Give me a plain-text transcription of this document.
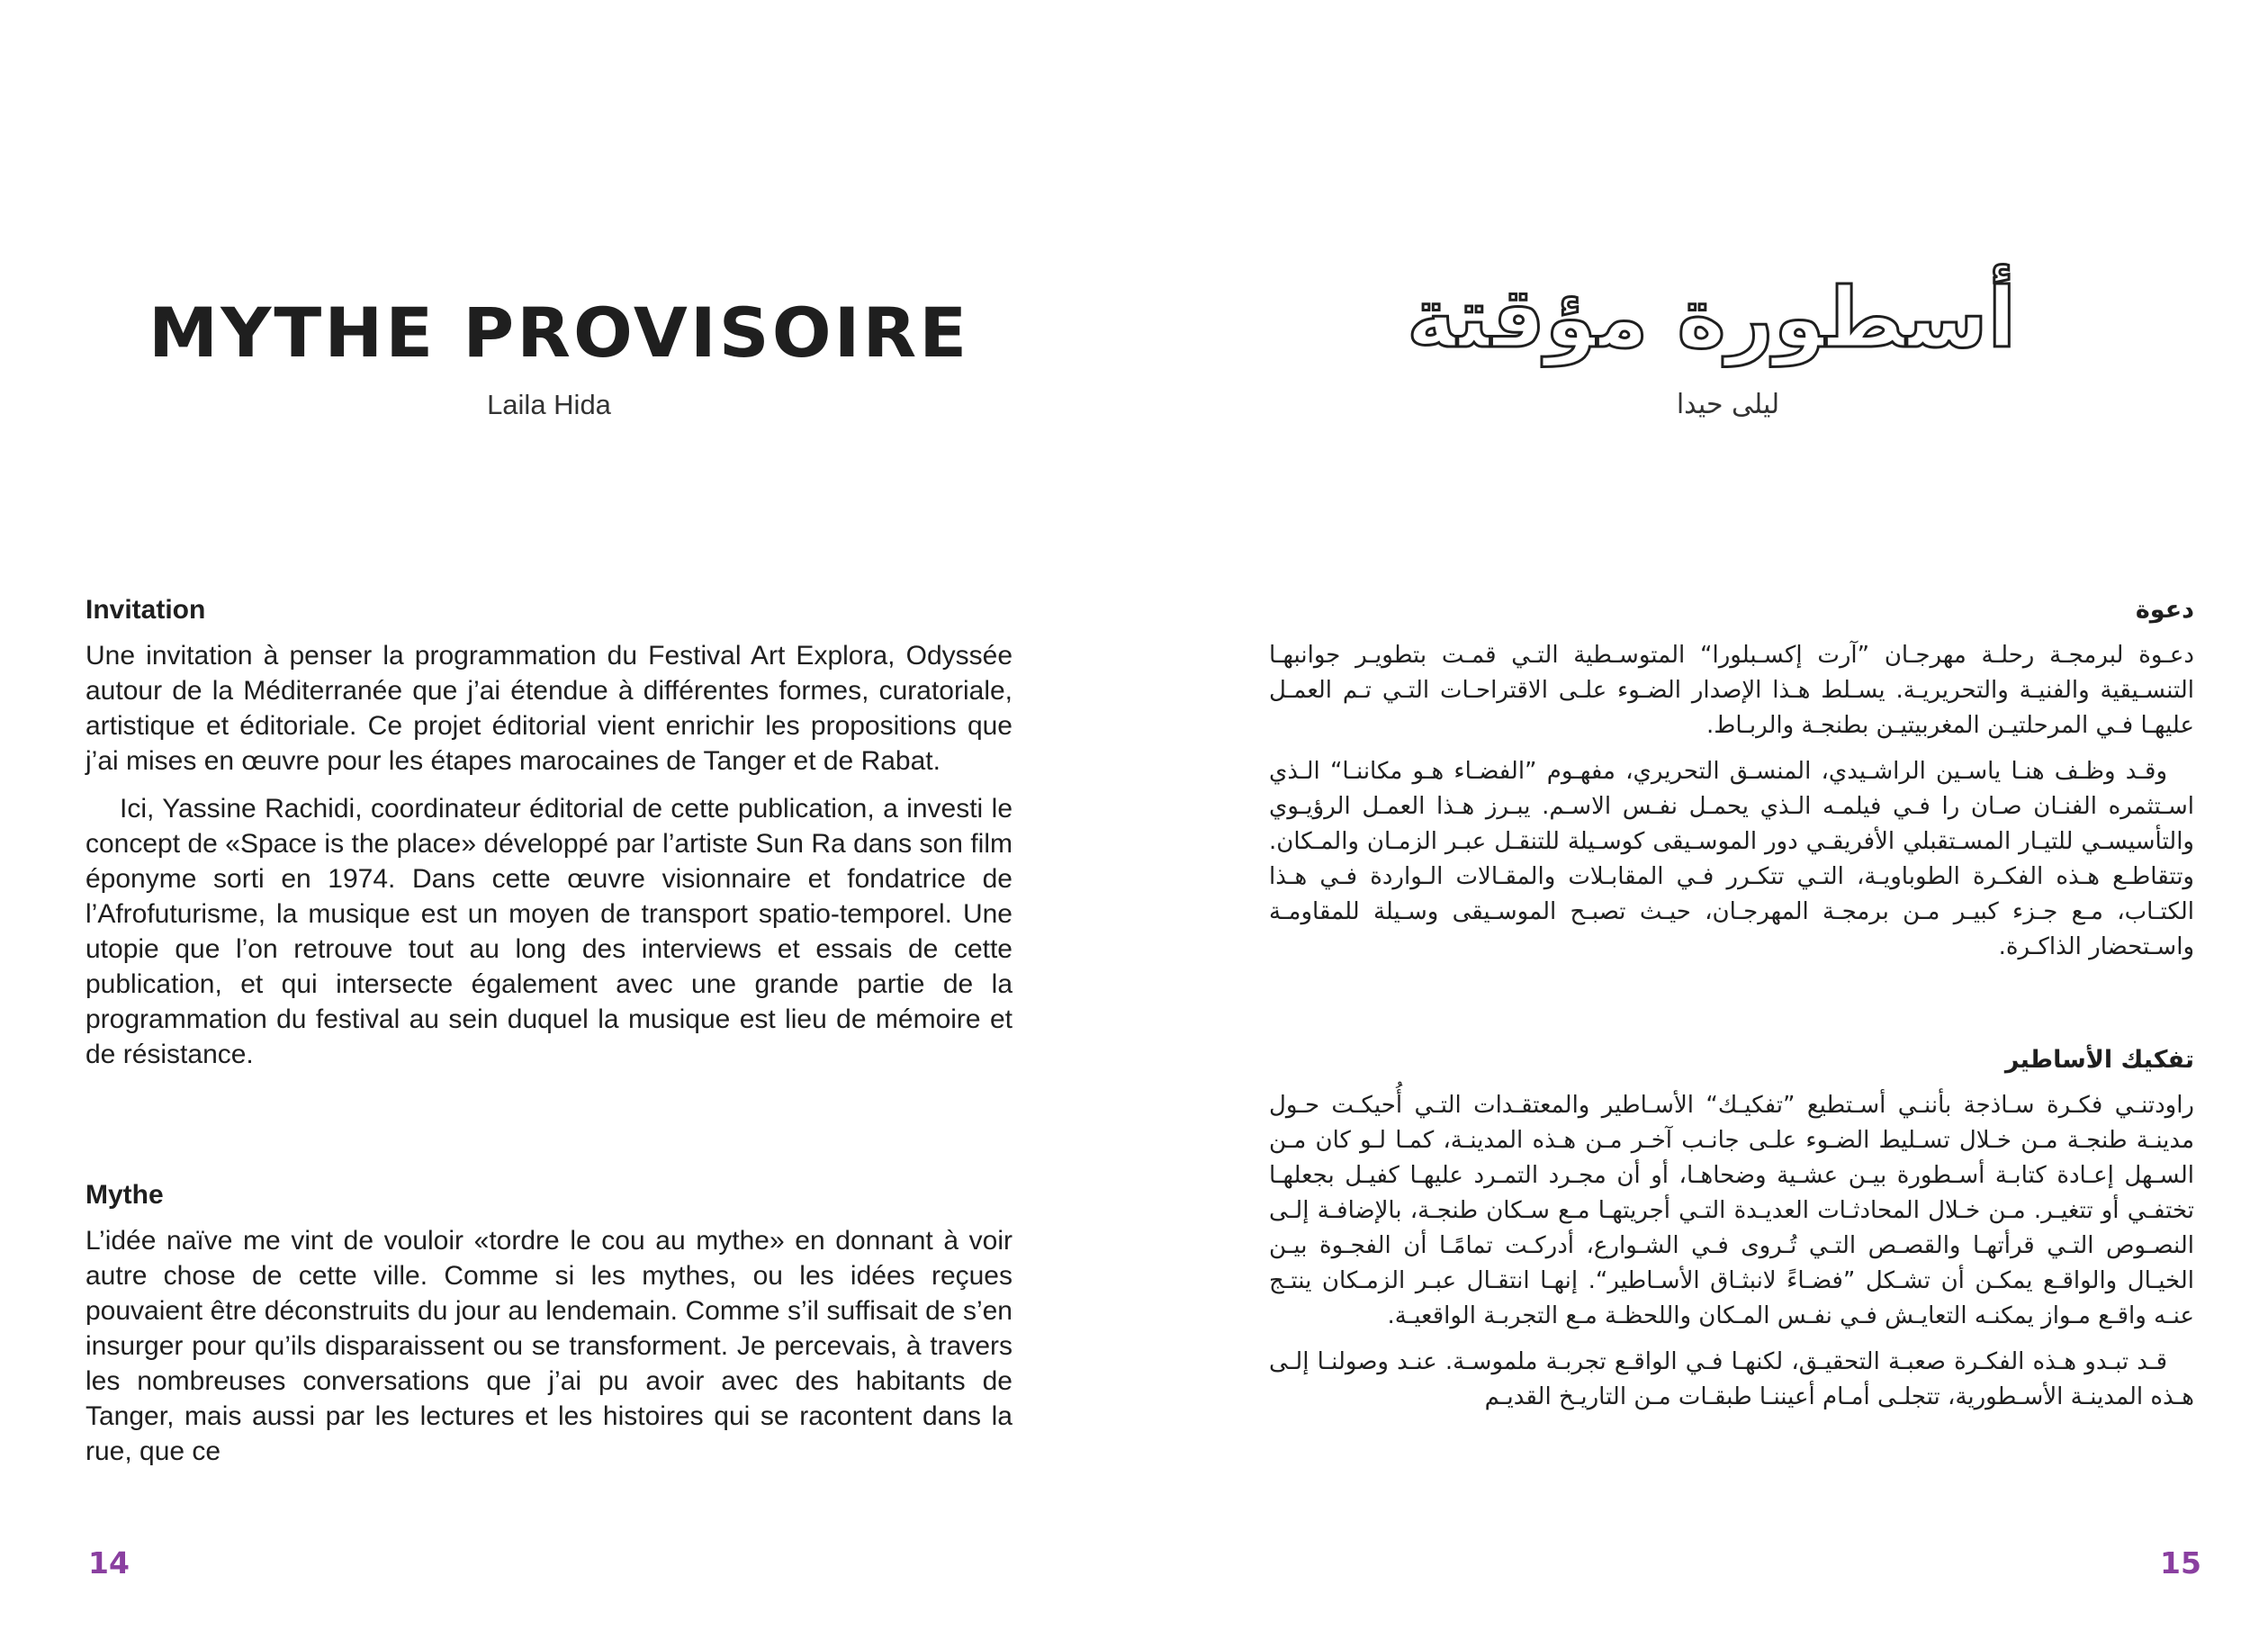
MYTHE PROVISOIRE

Laila Hida

Invitation

Une invitation à penser la programmation du Festival Art Explora, Odyssée autour de la Méditerranée que j’ai étendue à différentes formes, curatoriale, artistique et éditoriale. Ce projet éditorial vient enrichir les propositions que j’ai mises en œuvre pour les étapes marocaines de Tanger et de Rabat.

Ici, Yassine Rachidi, coordinateur éditorial de cette publication, a investi le concept de «Space is the place» développé par l’artiste Sun Ra dans son film éponyme sorti en 1974. Dans cette œuvre visionnaire et fondatrice de l’Afrofuturisme, la musique est un moyen de transport spatio-temporel. Une utopie que l’on retrouve tout au long des interviews et essais de cette publication, et qui intersecte également avec une grande partie de la programmation du festival au sein duquel la musique est lieu de mémoire et de résistance.

Mythe

L’idée naïve me vint de vouloir «tordre le cou au mythe» en donnant à voir autre chose de cette ville. Comme si les mythes, ou les idées reçues pouvaient être déconstruits du jour au lendemain. Comme s’il suffisait de s’en insurger pour qu’ils disparaissent ou se transforment. Je percevais, à travers les nombreuses conversations que j’ai pu avoir avec des habitants de Tanger, mais aussi par les lectures et les histoires qui se racontent dans la rue, que ce

14

أسطورة مؤقتة

ليلى حيدا

دعوة

دعـوة لبرمجـة رحلـة مهرجـان ”آرت إكسـبلورا“ المتوسـطية التـي قمـت بتطويـر جوانبهـا التنسـيقية والفنيـة والتحريريـة. يسـلط هـذا الإصدار الضـوء علـى الاقتراحـات التـي تـم العمـل عليهـا فـي المرحلتيـن المغربيتيـن بطنجـة والربـاط.

وقـد وظـف هنـا ياسـين الراشـيدي، المنسـق التحريري، مفهـوم ”الفضـاء هـو مكاننـا“ الـذي اسـتثمره الفنـان صـان را فـي فيلمـه الـذي يحمـل نفـس الاسـم. يبـرز هـذا العمـل الرؤيـوي والتأسيسـي للتيـار المسـتقبلي الأفريقـي دور الموسـيقى كوسـيلة للتنقـل عبـر الزمـان والمـكان. وتتقاطـع هـذه الفكـرة الطوباويـة، التـي تتكـرر فـي المقابـلات والمقـالات الـواردة فـي هـذا الكتـاب، مـع جـزء كبيـر مـن برمجـة المهرجـان، حيـث تصبـح الموسـيقى وسـيلة للمقاومـة واسـتحضار الذاكـرة.

تفكيك الأساطير

راودتنـي فكـرة سـاذجة بأننـي أسـتطيع ”تفكيـك“ الأسـاطير والمعتقـدات التـي أُحيكـت حـول مدينـة طنجـة مـن خـلال تسـليط الضـوء علـى جانـب آخـر مـن هـذه المدينـة، كمـا لـو كان مـن السـهل إعـادة كتابـة أسـطورة بيـن عشـية وضحاهـا، أو أن مجـرد التمـرد عليهـا كفيـل بجعلهـا تختفـي أو تتغيـر. مـن خـلال المحادثـات العديـدة التـي أجريتهـا مـع سـكان طنجـة، بالإضافـة إلـى النصـوص التـي قرأتهـا والقصـص التـي تُـروى فـي الشـوارع، أدركـت تمامًـا أن الفجـوة بيـن الخيـال والواقـع يمكـن أن تشـكل ”فضـاءً لانبثـاق الأسـاطير“. إنهـا انتقـال عبـر الزمـكان ينتـج عنـه واقـع مـواز يمكنـه التعايـش فـي نفـس المـكان واللحظـة مـع التجربـة الواقعيـة.

قـد تبـدو هـذه الفكـرة صعبـة التحقيـق، لكنهـا فـي الواقـع تجربـة ملموسـة. عنـد وصولنـا إلـى هـذه المدينـة الأسـطورية، تتجلـى أمـام أعيننـا طبقـات مـن التاريـخ القديـم

15
